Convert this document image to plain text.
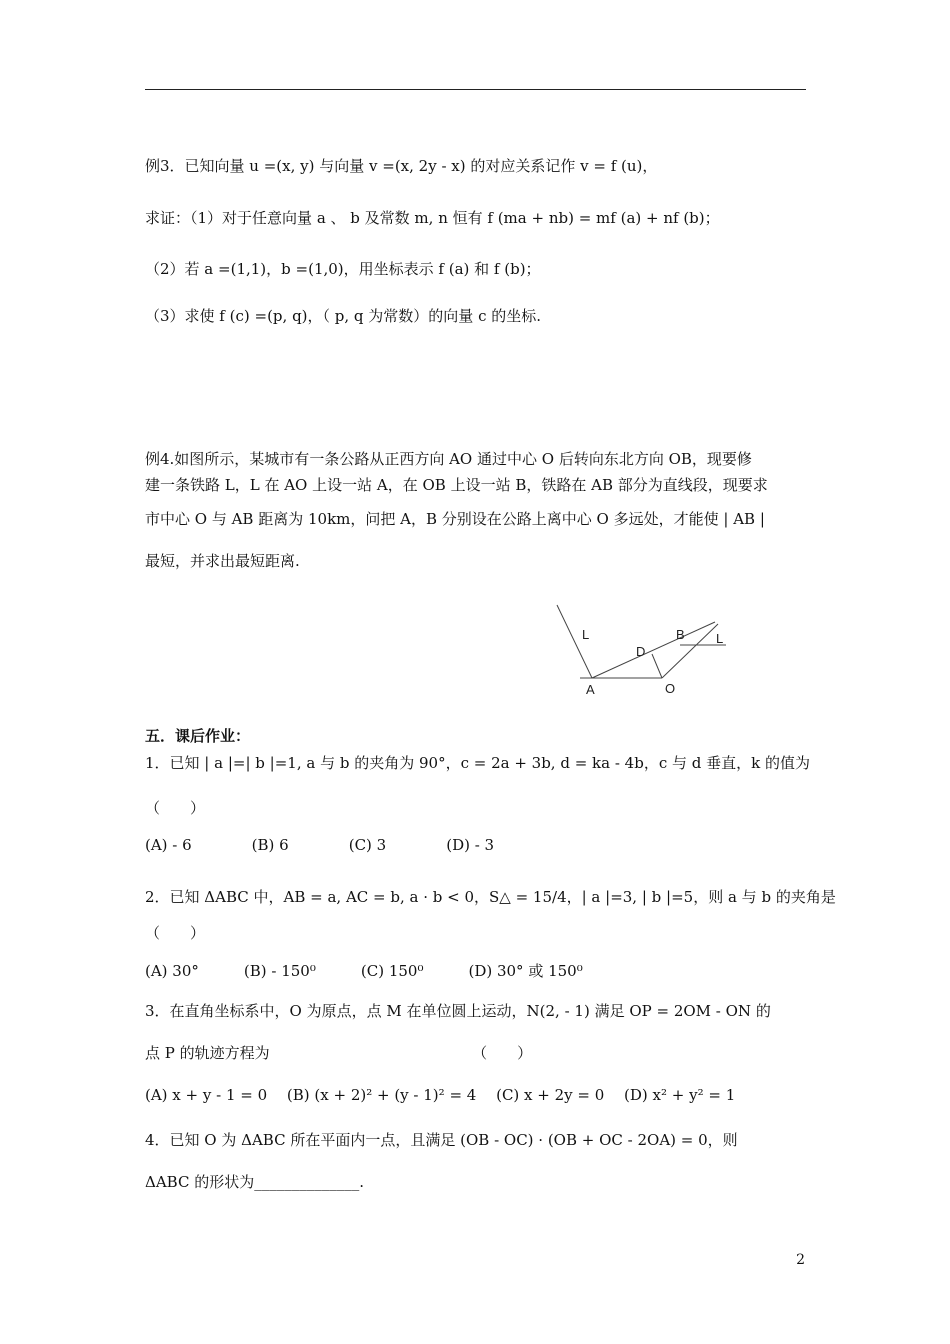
例3．已知向量 u =(x, y) 与向量 v =(x, 2y - x) 的对应关系记作 v = f (u)，
求证：（1）对于任意向量 a 、 b 及常数 m, n 恒有 f (ma + nb) = mf (a) + nf (b)；
（2）若 a =(1,1)，b =(1,0)，用坐标表示 f (a) 和 f (b)；
（3）求使 f (c) =(p, q)，（ p, q 为常数）的向量 c 的坐标.
例4.如图所示，某城市有一条公路从正西方向 AO 通过中心 O 后转向东北方向 OB，现要修
建一条铁路 L，L 在 AO 上设一站 A，在 OB 上设一站 B，铁路在 AB 部分为直线段，现要求
市中心 O 与 AB 距离为 10km，问把 A，B 分别设在公路上离中心 O 多远处，才能使 | AB |
最短，并求出最短距离.
L	L
A	O
B
D
五．课后作业：
1．已知 | a |=| b |=1, a 与 b 的夹角为 90°，c = 2a + 3b, d = ka - 4b，c 与 d 垂直，k 的值为
（　　）
(A) - 6　　　　(B) 6　　　　(C) 3　　　　(D) - 3
2．已知 ΔABC 中，AB = a, AC = b, a · b < 0，S△ = 15/4，| a |=3, | b |=5，则 a 与 b 的夹角是
（　　）
(A) 30°　　　(B) - 150⁰　　　(C) 150⁰　　　(D) 30° 或 150⁰
3．在直角坐标系中，O 为原点，点 M 在单位圆上运动，N(2, - 1) 满足 OP = 2OM - ON 的
点 P 的轨迹方程为　　　　　　　　　　　　　　（　　）
(A) x + y - 1 = 0　 (B) (x + 2)² + (y - 1)² = 4　 (C) x + 2y = 0　 (D) x² + y² = 1
4．已知 O 为 ΔABC 所在平面内一点，且满足 (OB - OC) · (OB + OC - 2OA) = 0，则
ΔABC 的形状为______________.
2
